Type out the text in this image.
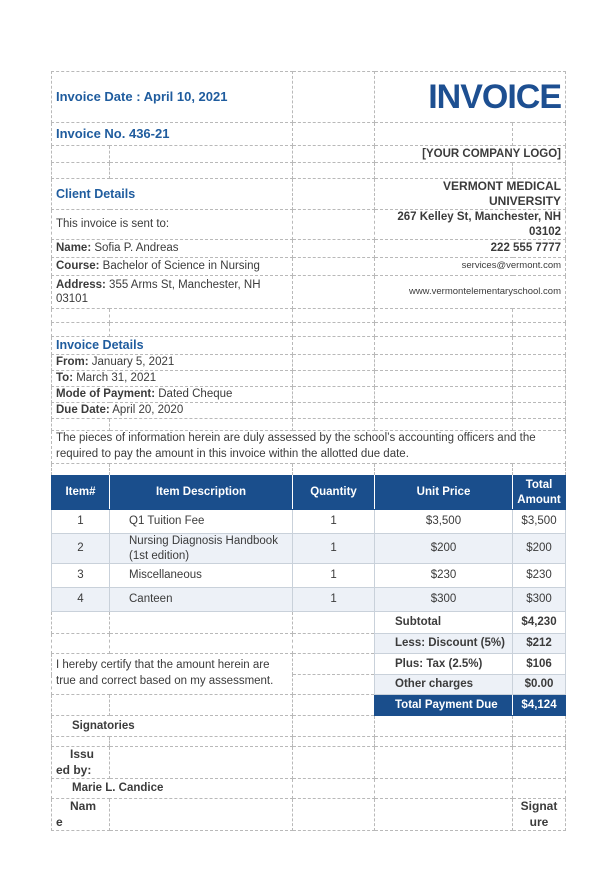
Invoice Date : April 10, 2021			INVOICE	
Invoice No. 436-21				
			[YOUR COMPANY LOGO]	

Client Details			VERMONT MEDICAL UNIVERSITY	
This invoice is sent to:			267 Kelley St, Manchester, NH 03102	
Name: Sofia P. Andreas			222 555 7777	
Course: Bachelor of Science in Nursing			services@vermont.com	
Address: 355 Arms St, Manchester, NH 03101			www.vermontelementaryschool.com	

Invoice Details				
From: January 5, 2021				
To: March 31, 2021				
Mode of Payment: Dated Cheque				
Due Date: April 20, 2020				

The pieces of information herein are duly assessed by the school’s accounting officers and the required to pay the amount in this invoice within the allotted due date.				

Item#	Item Description	Quantity	Unit Price	Total Amount
1	Q1 Tuition Fee	1	$3,500	$3,500
2	Nursing Diagnosis Handbook (1st edition)	1	$200	$200
3	Miscellaneous	1	$230	$230
4	Canteen	1	$300	$300
			Subtotal	$4,230
			Less: Discount (5%)	$212
I hereby certify that the amount herein are true and correct based on my assessment.			Plus: Tax (2.5%)	$106
			Other charges	$0.00
			Total Payment Due	$4,124
Signatories				

Issued by:				

Marie L. Candice				

Name				Signature
